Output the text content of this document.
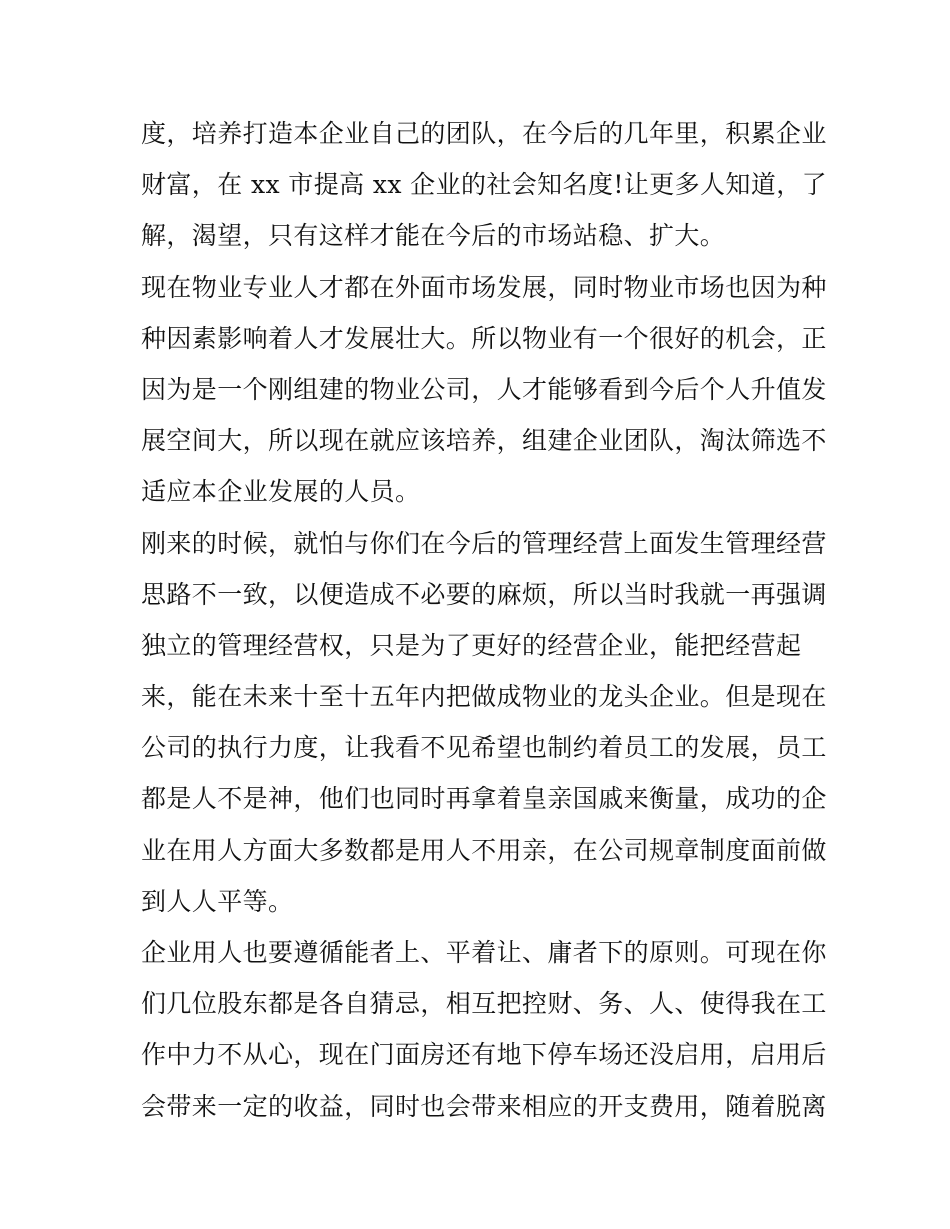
度，培养打造本企业自己的团队，在今后的几年里，积累企业
财富，在 xx 市提高 xx 企业的社会知名度!让更多人知道，了
解，渴望，只有这样才能在今后的市场站稳、扩大。
现在物业专业人才都在外面市场发展，同时物业市场也因为种
种因素影响着人才发展壮大。所以物业有一个很好的机会，正
因为是一个刚组建的物业公司，人才能够看到今后个人升值发
展空间大，所以现在就应该培养，组建企业团队，淘汰筛选不
适应本企业发展的人员。
刚来的时候，就怕与你们在今后的管理经营上面发生管理经营
思路不一致，以便造成不必要的麻烦，所以当时我就一再强调
独立的管理经营权，只是为了更好的经营企业，能把经营起
来，能在未来十至十五年内把做成物业的龙头企业。但是现在
公司的执行力度，让我看不见希望也制约着员工的发展，员工
都是人不是神，他们也同时再拿着皇亲国戚来衡量，成功的企
业在用人方面大多数都是用人不用亲，在公司规章制度面前做
到人人平等。
企业用人也要遵循能者上、平着让、庸者下的原则。可现在你
们几位股东都是各自猜忌，相互把控财、务、人、使得我在工
作中力不从心，现在门面房还有地下停车场还没启用，启用后
会带来一定的收益，同时也会带来相应的开支费用，随着脱离
